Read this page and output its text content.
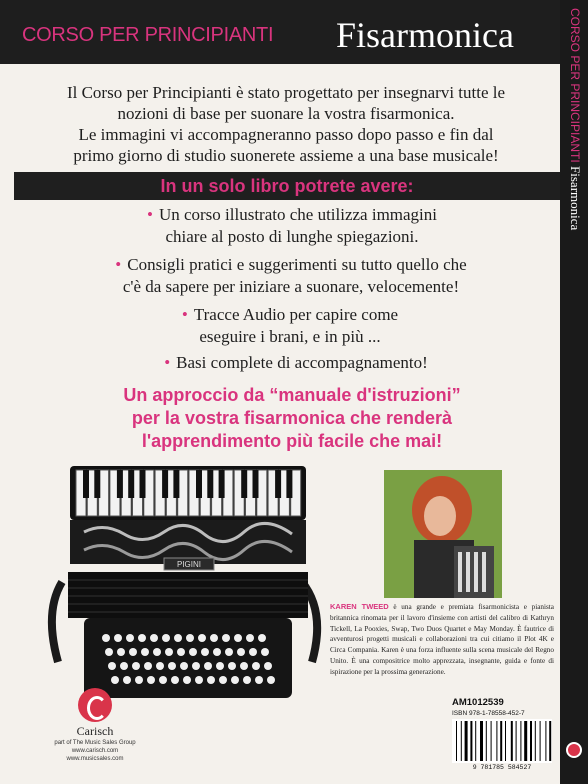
CORSO PER PRINCIPIANTI Fisarmonica	CORSO PER PRINCIPIANTI Fisarmonica
Il Corso per Principianti è stato progettato per insegnarvi tutte le
nozioni di base per suonare la vostra fisarmonica.
Le immagini vi accompagneranno passo dopo passo e fin dal
primo giorno di studio suonerete assieme a una base musicale!
In un solo libro potrete avere:
• Un corso illustrato che utilizza immagini
chiare al posto di lunghe spiegazioni.
• Consigli pratici e suggerimenti su tutto quello che
c'è da sapere per iniziare a suonare, velocemente!
• Tracce Audio per capire come
eseguire i brani, e in più ...
• Basi complete di accompagnamento!
Un approccio da “manuale d'istruzioni”
per la vostra fisarmonica che renderà
l'apprendimento più facile che mai!
PIGINI
KAREN TWEED è una grande e premiata fisarmonicista e pianista britannica rinomata per il lavoro d'insieme con artisti del calibro di Kathryn Tickell, La Pooxies, Swap, Two Duos Quartet e May Monday. È fautrice di avventurosi progetti musicali e collaborazioni tra cui citiamo il Plot 4K e Circa Compania. Karen è una forza influente sulla scena musicale del Regno Unito. È una compositrice molto apprezzata, insegnante, guida e fonte di ispirazione per la prossima generazione.
Carisch
part of The Music Sales Group
www.carisch.com
www.musicsales.com
AM1012539
ISBN 978-1-78558-452-7
9 781785 584527
